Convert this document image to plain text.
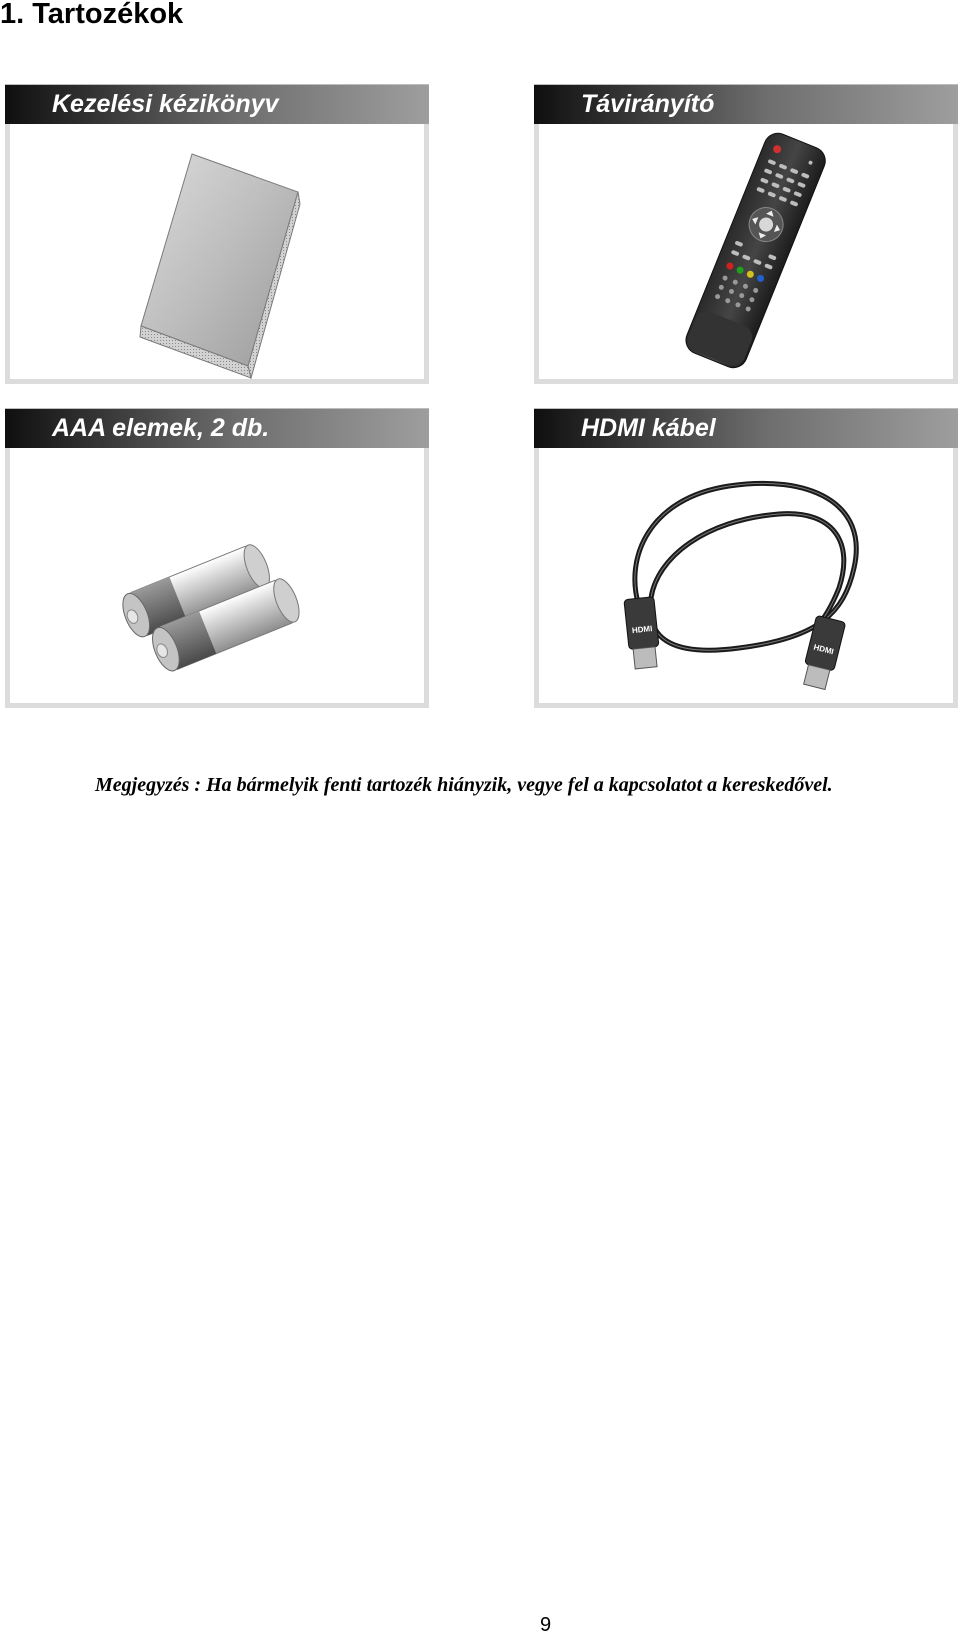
1. Tartozékok
Kezelési kézikönyv	Távirányító
AAA elemek, 2 db.	HDMI kábel
HDMI
HDMI

Megjegyzés : Ha bármelyik fenti tartozék hiányzik, vegye fel a kapcsolatot a kereskedővel.

9
